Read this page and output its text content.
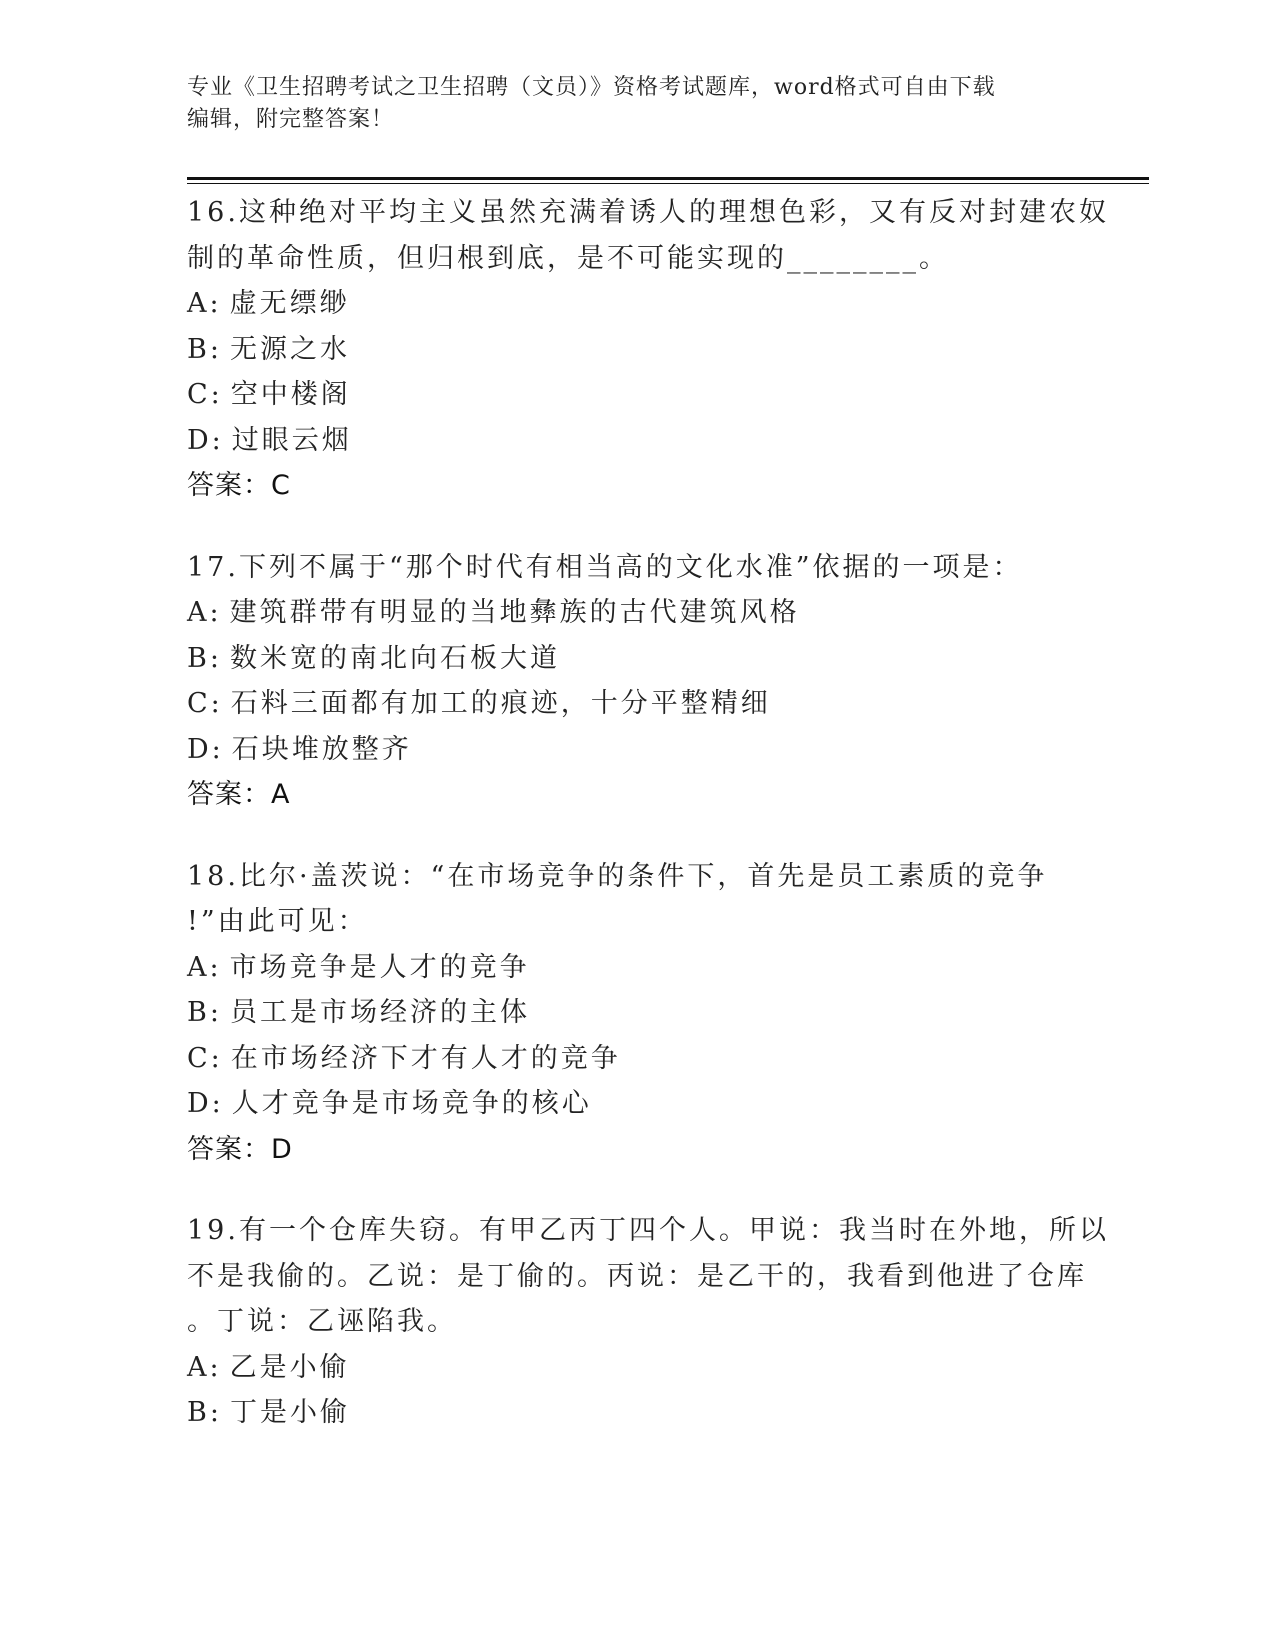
专业《卫生招聘考试之卫生招聘（文员）》资格考试题库，word格式可自由下载
编辑，附完整答案！
16.这种绝对平均主义虽然充满着诱人的理想色彩，又有反对封建农奴
制的革命性质，但归根到底，是不可能实现的________。
A: 虚无缥缈
B: 无源之水
C: 空中楼阁
D: 过眼云烟
答案：C
17.下列不属于“那个时代有相当高的文化水准”依据的一项是：
A: 建筑群带有明显的当地彝族的古代建筑风格
B: 数米宽的南北向石板大道
C: 石料三面都有加工的痕迹，十分平整精细
D: 石块堆放整齐
答案：A
18.比尔·盖茨说：“在市场竞争的条件下，首先是员工素质的竞争
!”由此可见：
A: 市场竞争是人才的竞争
B: 员工是市场经济的主体
C: 在市场经济下才有人才的竞争
D: 人才竞争是市场竞争的核心
答案：D
19.有一个仓库失窃。有甲乙丙丁四个人。甲说：我当时在外地，所以
不是我偷的。乙说：是丁偷的。丙说：是乙干的，我看到他进了仓库
。丁说：乙诬陷我。
A: 乙是小偷
B: 丁是小偷
